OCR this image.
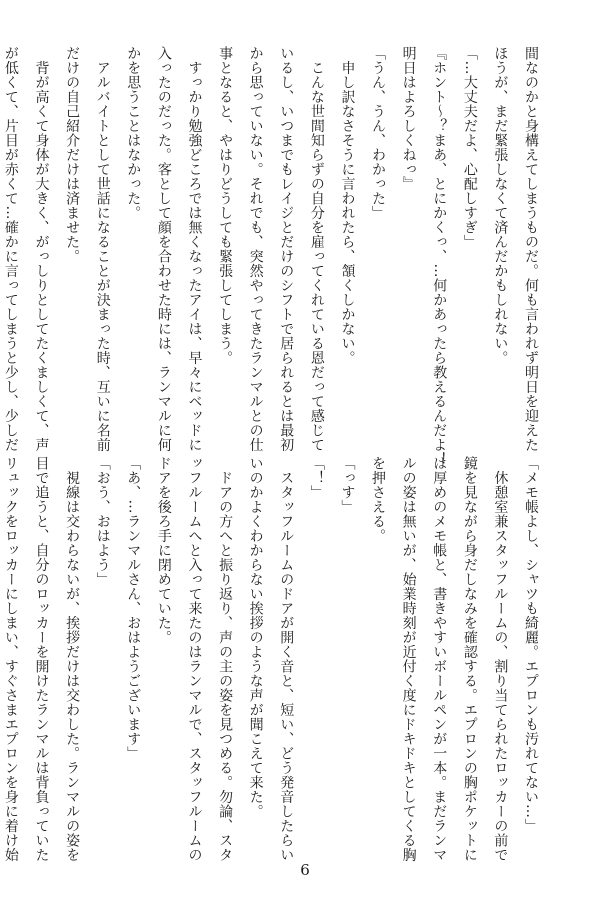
間なのかと身構えてしまうものだ。何も言われず明日を迎えた

ほうが、まだ緊張しなくて済んだかもしれない。

「…大丈夫だよ、心配しすぎ」

『ホント〜？まあ、とにかくっ、…何かあったら教えるんだよ！

明日はよろしくねっ』

「うん、うん、わかった」

　申し訳なさそうに言われたら、頷くしかない。

　こんな世間知らずの自分を雇ってくれている恩だって感じて

いるし、いつまでもレイジとだけのシフトで居られるとは最初

から思っていない。それでも、突然やってきたランマルとの仕

事となると、やはりどうしても緊張してしまう。

　すっかり勉強どころでは無くなったアイは、早々にベッドに

入ったのだった。客として顔を合わせた時には、ランマルに何

かを思うことはなかった。

　アルバイトとして世話になることが決まった時、互いに名前

だけの自己紹介だけは済ませた。

　背が高くて身体が大きく、がっしりとしてたくましくて、声

が低くて、片目が赤くて…確かに言ってしまうと少し、少しだ

「メモ帳よし、シャツも綺麗。エプロンも汚れてない…」

　休憩室兼スタッフルームの、割り当てられたロッカーの前で

鏡を見ながら身だしなみを確認する。エプロンの胸ポケットに

は厚めのメモ帳と、書きやすいボールペンが一本。まだランマ

ルの姿は無いが、始業時刻が近付く度にドキドキとしてくる胸

を押さえる。

「っす」

「！」

　スタッフルームのドアが開く音と、短い、どう発音したらい

いのかよくわからない挨拶のような声が聞こえて来た。

　ドアの方へと振り返り、声の主の姿を見つめる。勿論、スタ

ッフルームへと入って来たのはランマルで、スタッフルームの

ドアを後ろ手に閉めていた。

「あ、…ランマルさん、おはようございます」

「おう、おはよう」

　視線は交わらないが、挨拶だけは交わした。ランマルの姿を

目で追うと、自分のロッカーを開けたランマルは背負っていた

リュックをロッカーにしまい、すぐさまエプロンを身に着け始

6
